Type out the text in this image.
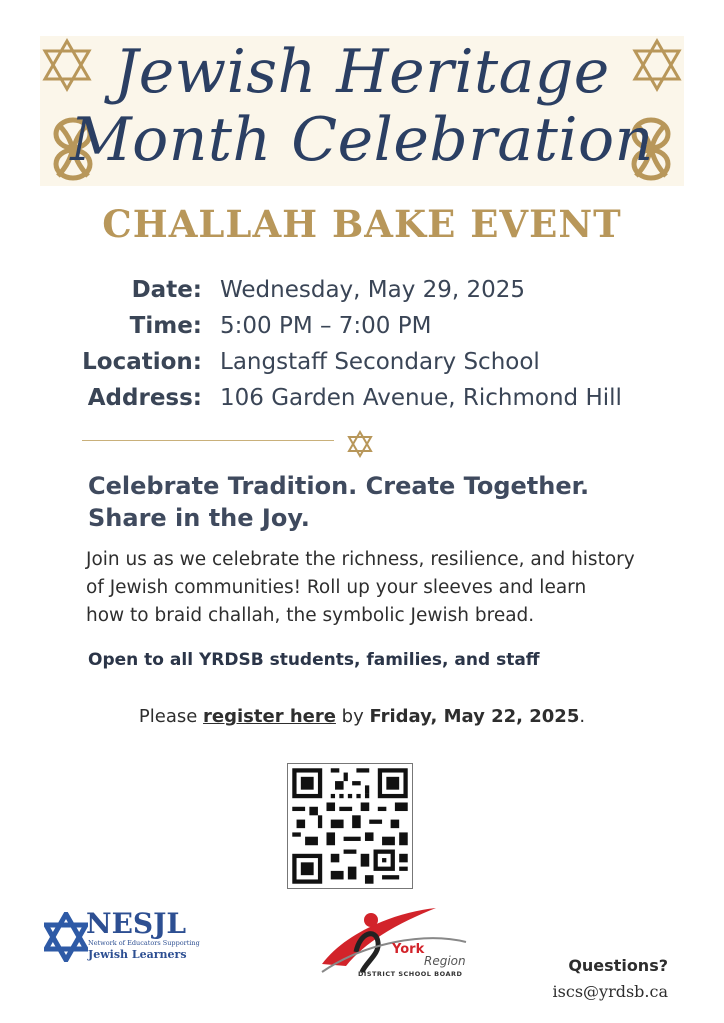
Jewish Heritage
Month Celebration
CHALLAH BAKE EVENT
Date: Wednesday, May 29, 2025
Time: 5:00 PM – 7:00 PM
Location: Langstaff Secondary School
Address: 106 Garden Avenue, Richmond Hill
Celebrate Tradition. Create Together.
Share in the Joy.
Join us as we celebrate the richness, resilience, and history
of Jewish communities! Roll up your sleeves and learn
how to braid challah, the symbolic Jewish bread.
Open to all YRDSB students, families, and staff
Please register here by Friday, May 22, 2025.
NESJL
Network of Educators Supporting
Jewish Learners	York
Region
DISTRICT SCHOOL BOARD	Questions?
iscs@yrdsb.ca
